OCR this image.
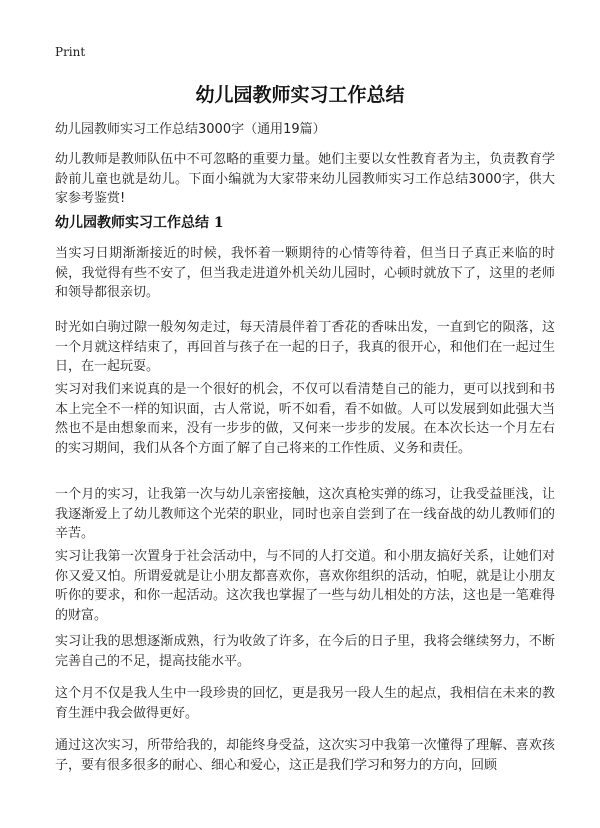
Print
幼儿园教师实习工作总结
幼儿园教师实习工作总结3000字（通用19篇）
幼儿教师是教师队伍中不可忽略的重要力量。她们主要以女性教育者为主，负责教育学龄前儿童也就是幼儿。下面小编就为大家带来幼儿园教师实习工作总结3000字，供大家参考鉴赏!
幼儿园教师实习工作总结 1
当实习日期渐渐接近的时候，我怀着一颗期待的心情等待着，但当日子真正来临的时候，我觉得有些不安了，但当我走进道外机关幼儿园时，心顿时就放下了，这里的老师和领导都很亲切。
时光如白驹过隙一般匆匆走过，每天清晨伴着丁香花的香味出发，一直到它的陨落，这一个月就这样结束了，再回首与孩子在一起的日子，我真的很开心，和他们在一起过生日，在一起玩耍。
实习对我们来说真的是一个很好的机会，不仅可以看清楚自己的能力，更可以找到和书本上完全不一样的知识面，古人常说，听不如看，看不如做。人可以发展到如此强大当然也不是由想象而来，没有一步步的做，又何来一步步的发展。在本次长达一个月左右的实习期间，我们从各个方面了解了自己将来的工作性质、义务和责任。
一个月的实习，让我第一次与幼儿亲密接触，这次真枪实弹的练习，让我受益匪浅，让我逐渐爱上了幼儿教师这个光荣的职业，同时也亲自尝到了在一线奋战的幼儿教师们的辛苦。
实习让我第一次置身于社会活动中，与不同的人打交道。和小朋友搞好关系，让她们对你又爱又怕。所谓爱就是让小朋友都喜欢你，喜欢你组织的活动，怕呢，就是让小朋友听你的要求，和你一起活动。这次我也掌握了一些与幼儿相处的方法，这也是一笔难得的财富。
实习让我的思想逐渐成熟，行为收敛了许多，在今后的日子里，我将会继续努力，不断完善自己的不足，提高技能水平。
这个月不仅是我人生中一段珍贵的回忆，更是我另一段人生的起点，我相信在未来的教育生涯中我会做得更好。
通过这次实习，所带给我的，却能终身受益，这次实习中我第一次懂得了理解、喜欢孩子，要有很多很多的耐心、细心和爱心，这正是我们学习和努力的方向，回顾
